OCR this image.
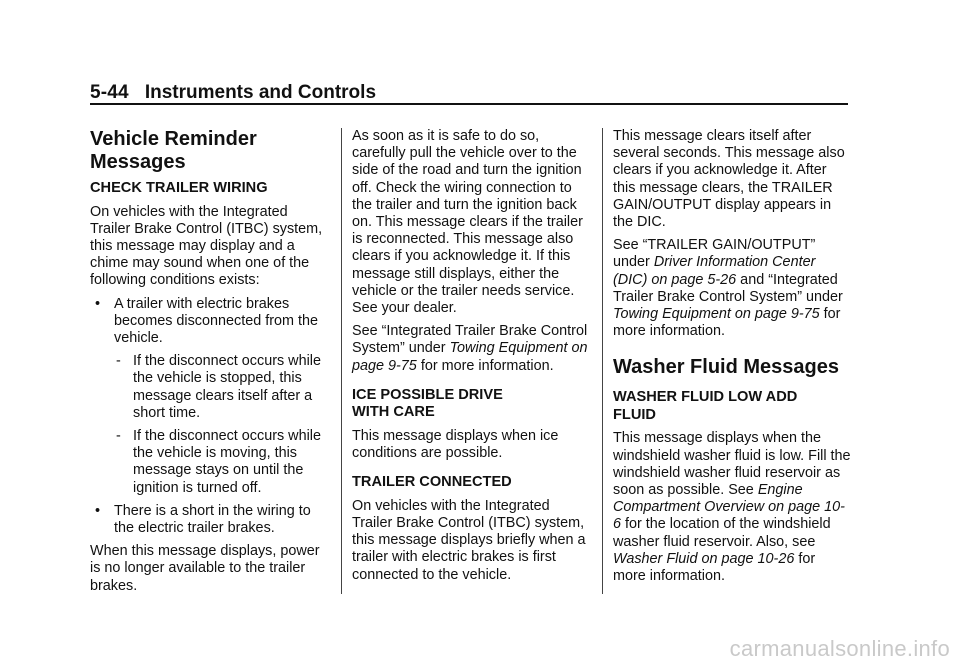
5-44 Instruments and Controls
Vehicle Reminder Messages
CHECK TRAILER WIRING

On vehicles with the Integrated Trailer Brake Control (ITBC) system, this message may display and a chime may sound when one of the following conditions exists:

• A trailer with electric brakes becomes disconnected from the vehicle.
- If the disconnect occurs while the vehicle is stopped, this message clears itself after a short time.
- If the disconnect occurs while the vehicle is moving, this message stays on until the ignition is turned off.
• There is a short in the wiring to the electric trailer brakes.

When this message displays, power is no longer available to the trailer brakes.

As soon as it is safe to do so, carefully pull the vehicle over to the side of the road and turn the ignition off. Check the wiring connection to the trailer and turn the ignition back on. This message clears if the trailer is reconnected. This message also clears if you acknowledge it. If this message still displays, either the vehicle or the trailer needs service. See your dealer.

See “Integrated Trailer Brake Control System” under Towing Equipment on page 9-75 for more information.

ICE POSSIBLE DRIVE WITH CARE

This message displays when ice conditions are possible.

TRAILER CONNECTED

On vehicles with the Integrated Trailer Brake Control (ITBC) system, this message displays briefly when a trailer with electric brakes is first connected to the vehicle.

This message clears itself after several seconds. This message also clears if you acknowledge it. After this message clears, the TRAILER GAIN/OUTPUT display appears in the DIC.

See “TRAILER GAIN/OUTPUT” under Driver Information Center (DIC) on page 5-26 and “Integrated Trailer Brake Control System” under Towing Equipment on page 9-75 for more information.

Washer Fluid Messages
WASHER FLUID LOW ADD FLUID

This message displays when the windshield washer fluid is low. Fill the windshield washer fluid reservoir as soon as possible. See Engine Compartment Overview on page 10-6 for the location of the windshield washer fluid reservoir. Also, see Washer Fluid on page 10-26 for more information.

carmanualsonline.info
